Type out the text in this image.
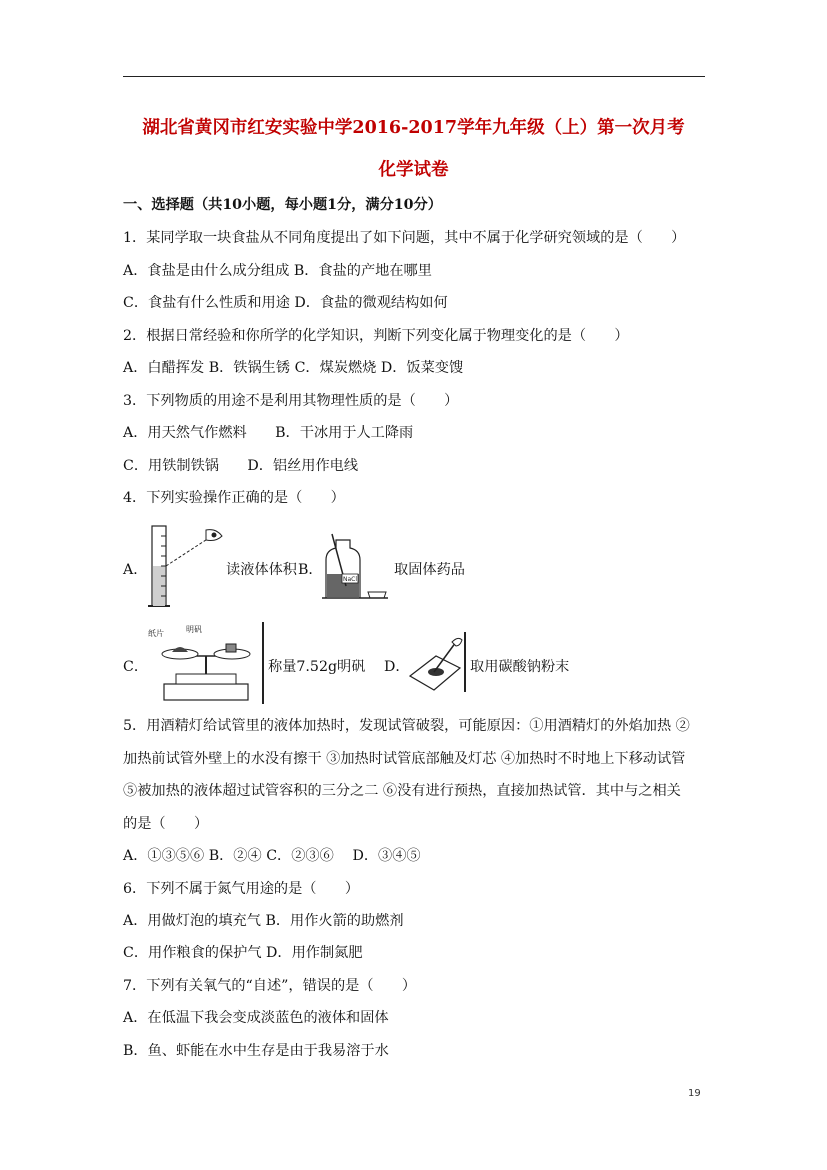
湖北省黄冈市红安实验中学2016-2017学年九年级（上）第一次月考
化学试卷
一、选择题（共10小题，每小题1分，满分10分）
1．某同学取一块食盐从不同角度提出了如下问题，其中不属于化学研究领域的是（　　）
A．食盐是由什么成分组成 B．食盐的产地在哪里
C．食盐有什么性质和用途 D．食盐的微观结构如何
2．根据日常经验和你所学的化学知识，判断下列变化属于物理变化的是（　　）
A．白醋挥发 B．铁锅生锈 C．煤炭燃烧 D．饭菜变馊
3．下列物质的用途不是利用其物理性质的是（　　）
A．用天然气作燃料　　B．干冰用于人工降雨
C．用铁制铁锅　　D．铝丝用作电线
4．下列实验操作正确的是（　　）
A．	读液体体积 B．
NaCl
取固体药品
C．
纸片	明矾
称量7.52g明矾 D．	取用碳酸钠粉末
5．用酒精灯给试管里的液体加热时，发现试管破裂，可能原因：①用酒精灯的外焰加热 ②
加热前试管外壁上的水没有擦干 ③加热时试管底部触及灯芯 ④加热时不时地上下移动试管
⑤被加热的液体超过试管容积的三分之二 ⑥没有进行预热，直接加热试管．其中与之相关
的是（　　）
A．①③⑤⑥ B．②④ C．②③⑥　 D．③④⑤
6．下列不属于氮气用途的是（　　）
A．用做灯泡的填充气 B．用作火箭的助燃剂
C．用作粮食的保护气 D．用作制氮肥
7．下列有关氧气的“自述”，错误的是（　　）
A．在低温下我会变成淡蓝色的液体和固体
B．鱼、虾能在水中生存是由于我易溶于水
19
